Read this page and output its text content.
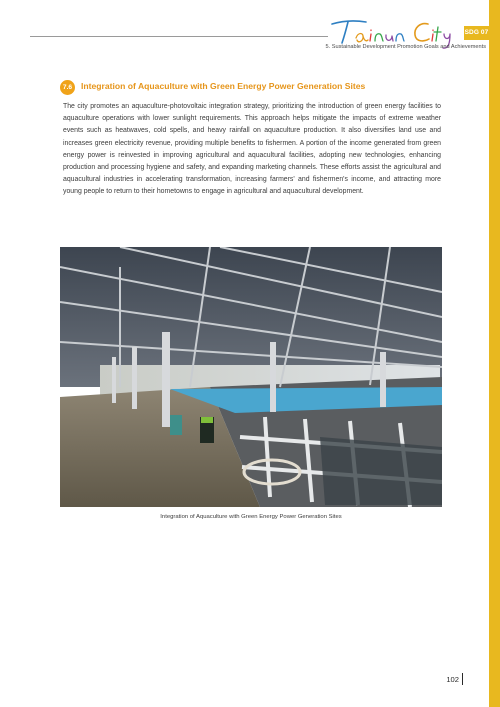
SDG 07
5. Sustainable Development Promotion Goals and Achievements
7.6	Integration of Aquaculture with Green Energy Power Generation Sites

The city promotes an aquaculture-photovoltaic integration strategy, prioritizing the introduction of green energy facilities to aquaculture operations with lower sunlight requirements. This approach helps mitigate the impacts of extreme weather events such as heatwaves, cold spells, and heavy rainfall on aquaculture production. It also diversifies land use and increases green electricity revenue, providing multiple benefits to fishermen. A portion of the income generated from green energy power is reinvested in improving agricultural and aquacultural facilities, adopting new technologies, enhancing production and processing hygiene and safety, and expanding marketing channels. These efforts assist the agricultural and aquacultural industries in accelerating transformation, increasing farmers' and fishermen's income, and attracting more young people to return to their hometowns to engage in agricultural and aquacultural development.

Integration of Aquaculture with Green Energy Power Generation Sites
102
